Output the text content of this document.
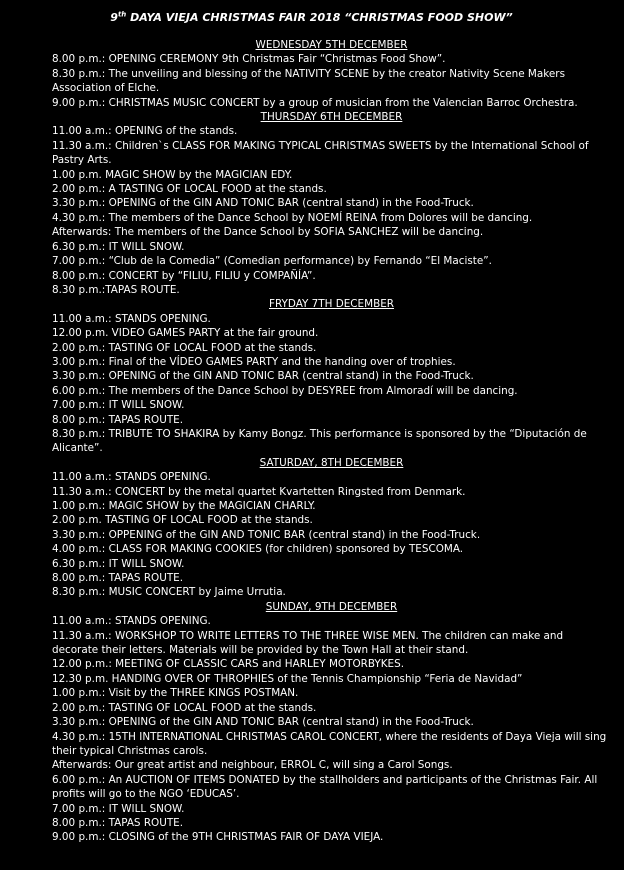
9th DAYA VIEJA CHRISTMAS FAIR 2018 “CHRISTMAS FOOD SHOW”
WEDNESDAY 5TH DECEMBER

8.00 p.m.: OPENING CEREMONY 9th Christmas Fair “Christmas Food Show”.

8.30 p.m.: The unveiling and blessing of the NATIVITY SCENE by the creator Nativity Scene Makers Association of Elche.

9.00 p.m.: CHRISTMAS MUSIC CONCERT by a group of musician from the Valencian Barroc Orchestra.

THURSDAY 6TH DECEMBER

11.00 a.m.: OPENING of the stands.

11.30 a.m.: Children`s CLASS FOR MAKING TYPICAL CHRISTMAS SWEETS by the International School of Pastry Arts.

1.00 p.m. MAGIC SHOW by the MAGICIAN EDY.

2.00 p.m.: A TASTING OF LOCAL FOOD at the stands.

3.30 p.m.: OPENING of the GIN AND TONIC BAR (central stand) in the Food-Truck.

4.30 p.m.: The members of the Dance School by NOEMÍ REINA from Dolores will be dancing.

Afterwards: The members of the Dance School by SOFIA SANCHEZ will be dancing.

6.30 p.m.: IT WILL SNOW.

7.00 p.m.: “Club de la Comedia” (Comedian performance) by Fernando “El Maciste”.

8.00 p.m.: CONCERT by “FILIU, FILIU y COMPAÑÍA”.

8.30 p.m.:TAPAS ROUTE.

FRYDAY 7TH DECEMBER

11.00 a.m.: STANDS OPENING.

12.00 p.m. VIDEO GAMES PARTY at the fair ground.

2.00 p.m.: TASTING OF LOCAL FOOD at the stands.

3.00 p.m.: Final of the VÍDEO GAMES PARTY and the handing over of trophies.

3.30 p.m.: OPENING of the GIN AND TONIC BAR (central stand) in the Food-Truck.

6.00 p.m.: The members of the Dance School by DESYREE from Almoradí will be dancing.

7.00 p.m.: IT WILL SNOW.

8.00 p.m.: TAPAS ROUTE.

8.30 p.m.: TRIBUTE TO SHAKIRA by Kamy Bongz. This performance is sponsored by the “Diputación de Alicante”.

SATURDAY, 8TH DECEMBER

11.00 a.m.: STANDS OPENING.

11.30 a.m.: CONCERT by the metal quartet Kvartetten Ringsted from Denmark.

1.00 p.m.: MAGIC SHOW by the MAGICIAN CHARLY.

2.00 p.m. TASTING OF LOCAL FOOD at the stands.

3.30 p.m.: OPPENING of the GIN AND TONIC BAR (central stand) in the Food-Truck.

4.00 p.m.: CLASS FOR MAKING COOKIES (for children) sponsored by TESCOMA.

6.30 p.m.: IT WILL SNOW.

8.00 p.m.: TAPAS ROUTE.

8.30 p.m.: MUSIC CONCERT by Jaime Urrutia.

SUNDAY, 9TH DECEMBER

11.00 a.m.: STANDS OPENING.

11.30 a.m.: WORKSHOP TO WRITE LETTERS TO THE THREE WISE MEN. The children can make and decorate their letters. Materials will be provided by the Town Hall at their stand.

12.00 p.m.: MEETING OF CLASSIC CARS and HARLEY MOTORBYKES.

12.30 p.m. HANDING OVER OF THROPHIES of the Tennis Championship “Feria de Navidad”

1.00 p.m.: Visit by the THREE KINGS POSTMAN.

2.00 p.m.: TASTING OF LOCAL FOOD at the stands.

3.30 p.m.: OPENING of the GIN AND TONIC BAR (central stand) in the Food-Truck.

4.30 p.m.: 15TH INTERNATIONAL CHRISTMAS CAROL CONCERT, where the residents of Daya Vieja will sing their typical Christmas carols.

Afterwards: Our great artist and neighbour, ERROL C, will sing a Carol Songs.

6.00 p.m.: An AUCTION OF ITEMS DONATED by the stallholders and participants of the Christmas Fair. All profits will go to the NGO ‘EDUCAS’.

7.00 p.m.: IT WILL SNOW.

8.00 p.m.: TAPAS ROUTE.

9.00 p.m.: CLOSING of the 9TH CHRISTMAS FAIR OF DAYA VIEJA.
